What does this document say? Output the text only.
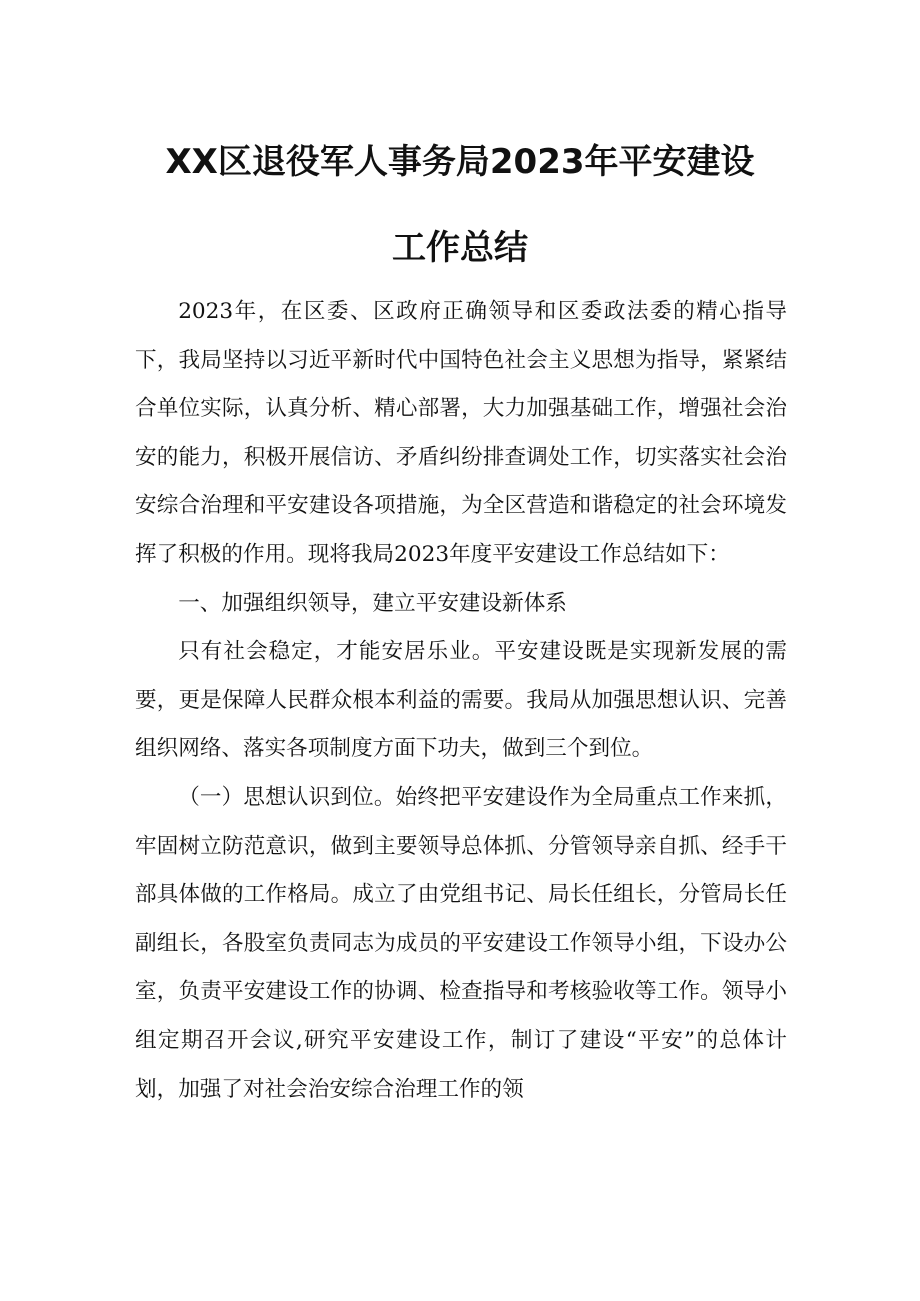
XX区退役军人事务局2023年平安建设
工作总结

2023年，在区委、区政府正确领导和区委政法委的精心指导下，我局坚持以习近平新时代中国特色社会主义思想为指导，紧紧结合单位实际，认真分析、精心部署，大力加强基础工作，增强社会治安的能力，积极开展信访、矛盾纠纷排查调处工作，切实落实社会治安综合治理和平安建设各项措施，为全区营造和谐稳定的社会环境发挥了积极的作用。现将我局2023年度平安建设工作总结如下：

一、加强组织领导，建立平安建设新体系

只有社会稳定，才能安居乐业。平安建设既是实现新发展的需要，更是保障人民群众根本利益的需要。我局从加强思想认识、完善组织网络、落实各项制度方面下功夫，做到三个到位。

（一）思想认识到位。始终把平安建设作为全局重点工作来抓，牢固树立防范意识，做到主要领导总体抓、分管领导亲自抓、经手干部具体做的工作格局。成立了由党组书记、局长任组长，分管局长任副组长，各股室负责同志为成员的平安建设工作领导小组，下设办公室，负责平安建设工作的协调、检查指导和考核验收等工作。领导小组定期召开会议,研究平安建设工作，制订了建设“平安”的总体计划，加强了对社会治安综合治理工作的领
